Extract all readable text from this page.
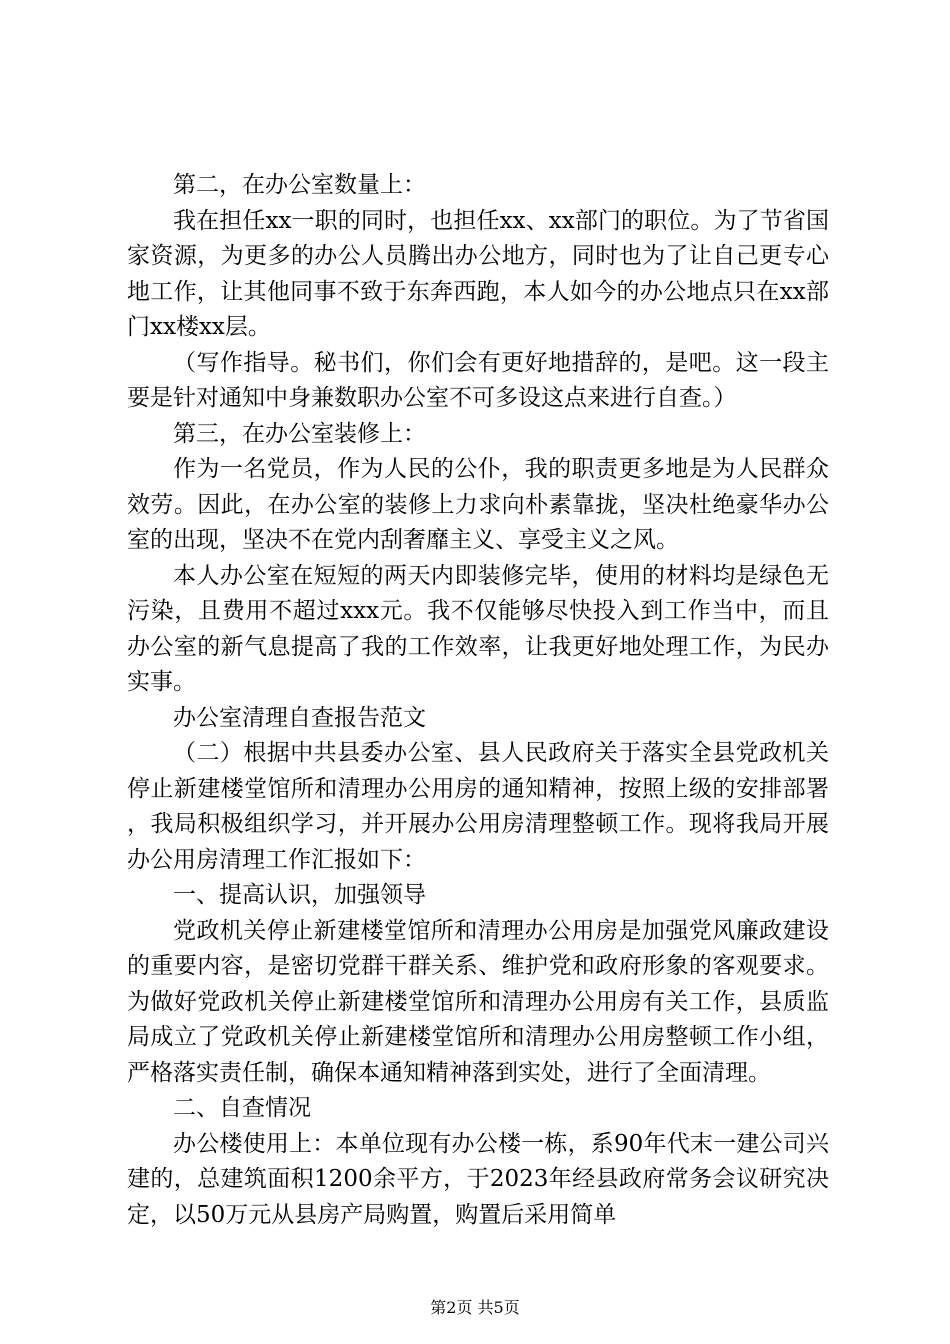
第二，在办公室数量上：

我在担任xx一职的同时，也担任xx、xx部门的职位。为了节省国家资源，为更多的办公人员腾出办公地方，同时也为了让自己更专心地工作，让其他同事不致于东奔西跑，本人如今的办公地点只在xx部门xx楼xx层。

（写作指导。秘书们，你们会有更好地措辞的，是吧。这一段主要是针对通知中身兼数职办公室不可多设这点来进行自查。）

第三，在办公室装修上：

作为一名党员，作为人民的公仆，我的职责更多地是为人民群众效劳。因此，在办公室的装修上力求向朴素靠拢，坚决杜绝豪华办公室的出现，坚决不在党内刮奢靡主义、享受主义之风。

本人办公室在短短的两天内即装修完毕，使用的材料均是绿色无污染，且费用不超过xxx元。我不仅能够尽快投入到工作当中，而且办公室的新气息提高了我的工作效率，让我更好地处理工作，为民办实事。

办公室清理自查报告范文

（二）根据中共县委办公室、县人民政府关于落实全县党政机关停止新建楼堂馆所和清理办公用房的通知精神，按照上级的安排部署，我局积极组织学习，并开展办公用房清理整顿工作。现将我局开展办公用房清理工作汇报如下：

一、提高认识，加强领导

党政机关停止新建楼堂馆所和清理办公用房是加强党风廉政建设的重要内容，是密切党群干群关系、维护党和政府形象的客观要求。为做好党政机关停止新建楼堂馆所和清理办公用房有关工作，县质监局成立了党政机关停止新建楼堂馆所和清理办公用房整顿工作小组，严格落实责任制，确保本通知精神落到实处，进行了全面清理。

二、自查情况

办公楼使用上：本单位现有办公楼一栋，系90年代末一建公司兴建的，总建筑面积1200余平方，于2023年经县政府常务会议研究决定，以50万元从县房产局购置，购置后采用简单

第2页 共5页
